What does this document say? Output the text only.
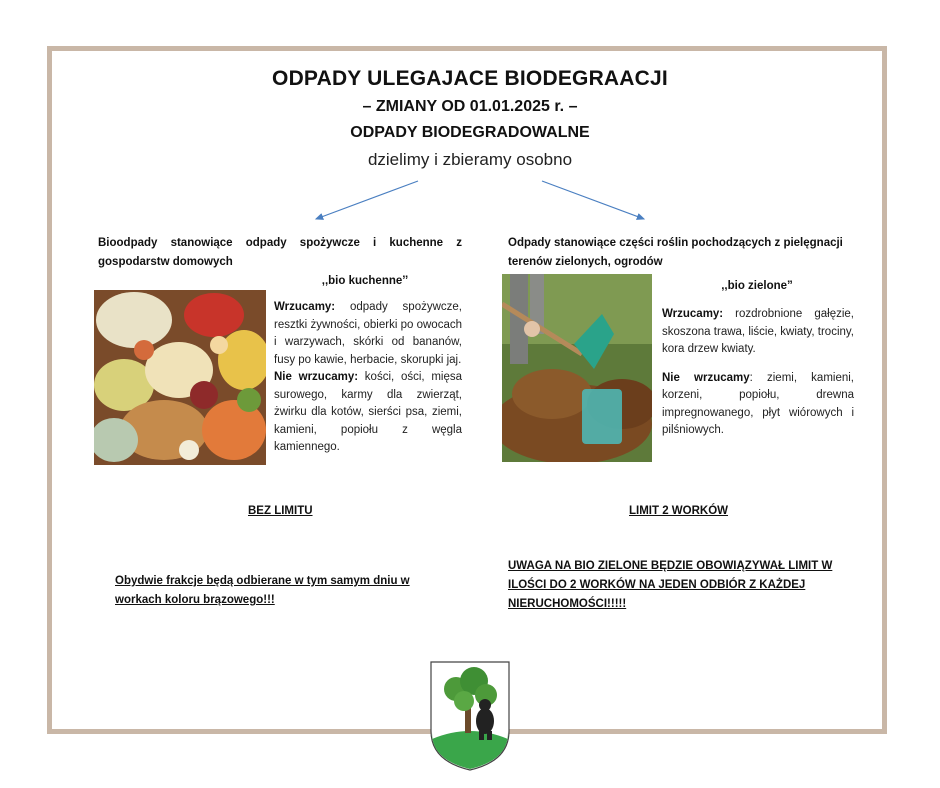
ODPADY ULEGAJACE BIODEGRAACJI
– ZMIANY OD 01.01.2025 r. –
ODPADY BIODEGRADOWALNE
dzielimy i zbieramy osobno
Bioodpady stanowiące odpady spożywcze i kuchenne z gospodarstw domowych
,,bio kuchenne’’

Wrzucamy: odpady spożywcze, resztki żywności, obierki po owocach i warzywach, skórki od bananów, fusy po kawie, herbacie, skorupki jaj.

Nie wrzucamy: kości, ości, mięsa surowego, karmy dla zwierząt, żwirku dla kotów, sierści psa, ziemi, kamieni, popiołu z węgla kamiennego.

BEZ LIMITU
Obydwie frakcje będą odbierane w tym samym dniu w workach koloru brązowego!!!
Odpady stanowiące części roślin pochodzących z pielęgnacji terenów zielonych, ogrodów
,,bio zielone”

Wrzucamy: rozdrobnione gałęzie, skoszona trawa, liście, kwiaty, trociny, kora drzew kwiaty.

Nie wrzucamy: ziemi, kamieni, korzeni, popiołu, drewna impregnowanego, płyt wiórowych i pilśniowych.

LIMIT 2 WORKÓW
UWAGA NA BIO ZIELONE BĘDZIE OBOWIĄZYWAŁ LIMIT W ILOŚCI DO 2 WORKÓW NA JEDEN ODBIÓR Z KAŻDEJ NIERUCHOMOŚCI!!!!!
